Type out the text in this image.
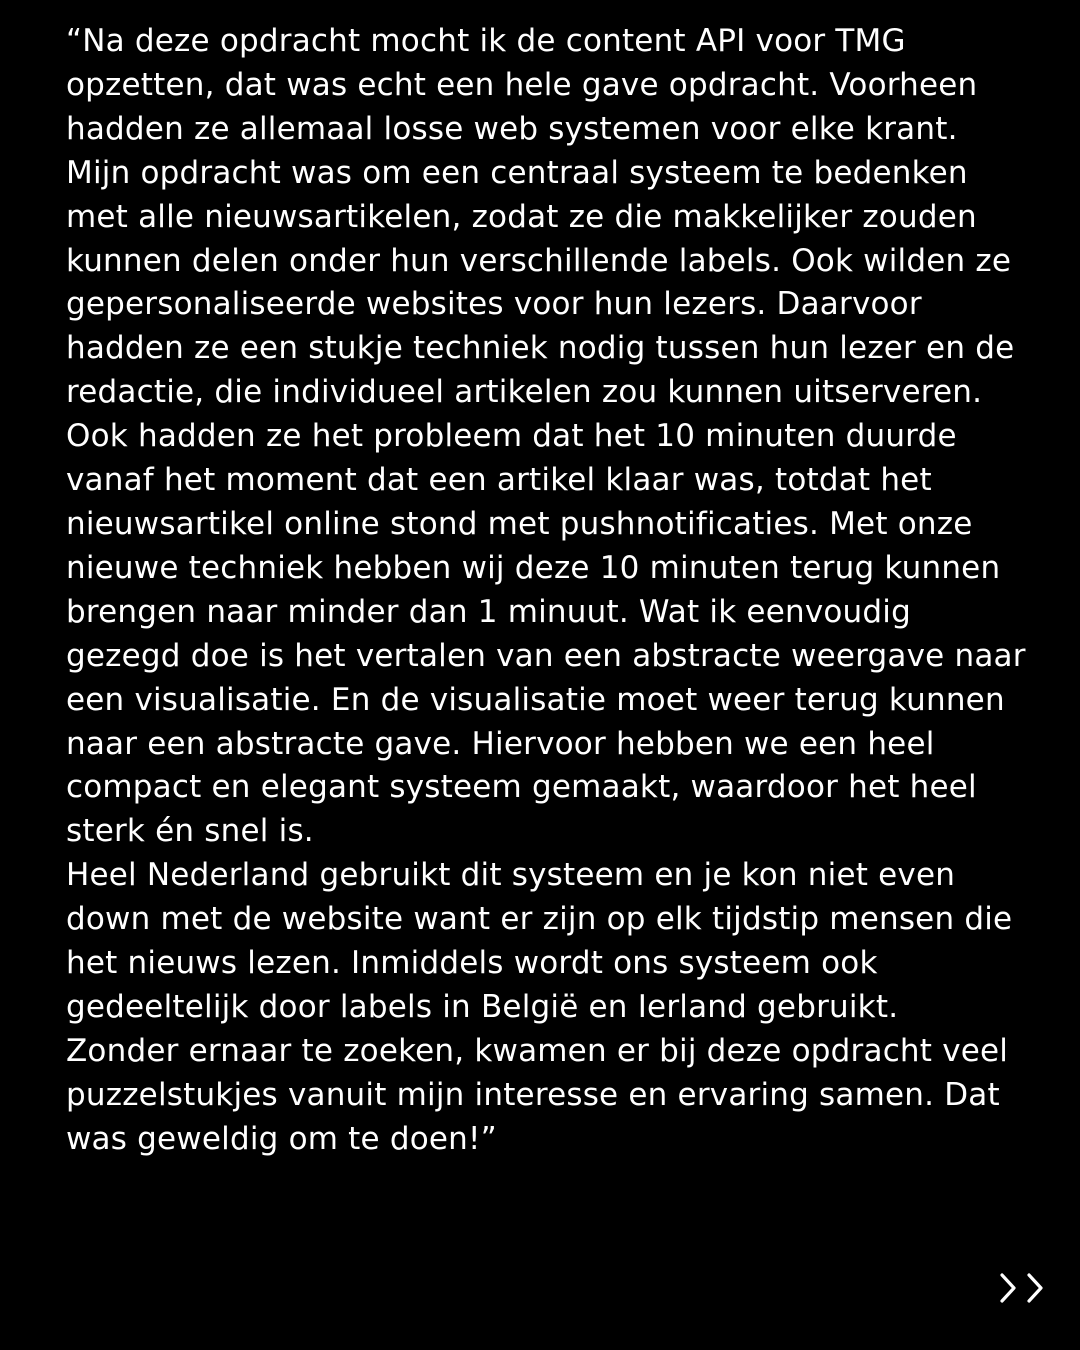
“Na deze opdracht mocht ik de content API voor TMG opzetten, dat was echt een hele gave opdracht. Voorheen hadden ze allemaal losse web systemen voor elke krant. Mijn opdracht was om een centraal systeem te bedenken met alle nieuwsartikelen, zodat ze die makkelijker zouden kunnen delen onder hun verschillende labels. Ook wilden ze gepersonaliseerde websites voor hun lezers. Daarvoor hadden ze een stukje techniek nodig tussen hun lezer en de redactie, die individueel artikelen zou kunnen uitserveren. Ook hadden ze het probleem dat het 10 minuten duurde vanaf het moment dat een artikel klaar was, totdat het nieuwsartikel online stond met pushnotificaties. Met onze nieuwe techniek hebben wij deze 10 minuten terug kunnen brengen naar minder dan 1 minuut. Wat ik eenvoudig gezegd doe is het vertalen van een abstracte weergave naar een visualisatie. En de visualisatie moet weer terug kunnen naar een abstracte gave. Hiervoor hebben we een heel compact en elegant systeem gemaakt, waardoor het heel sterk én snel is.
Heel Nederland gebruikt dit systeem en je kon niet even down met de website want er zijn op elk tijdstip mensen die het nieuws lezen. Inmiddels wordt ons systeem ook gedeeltelijk door labels in België en Ierland gebruikt.
Zonder ernaar te zoeken, kwamen er bij deze opdracht veel puzzelstukjes vanuit mijn interesse en ervaring samen. Dat was geweldig om te doen!”
